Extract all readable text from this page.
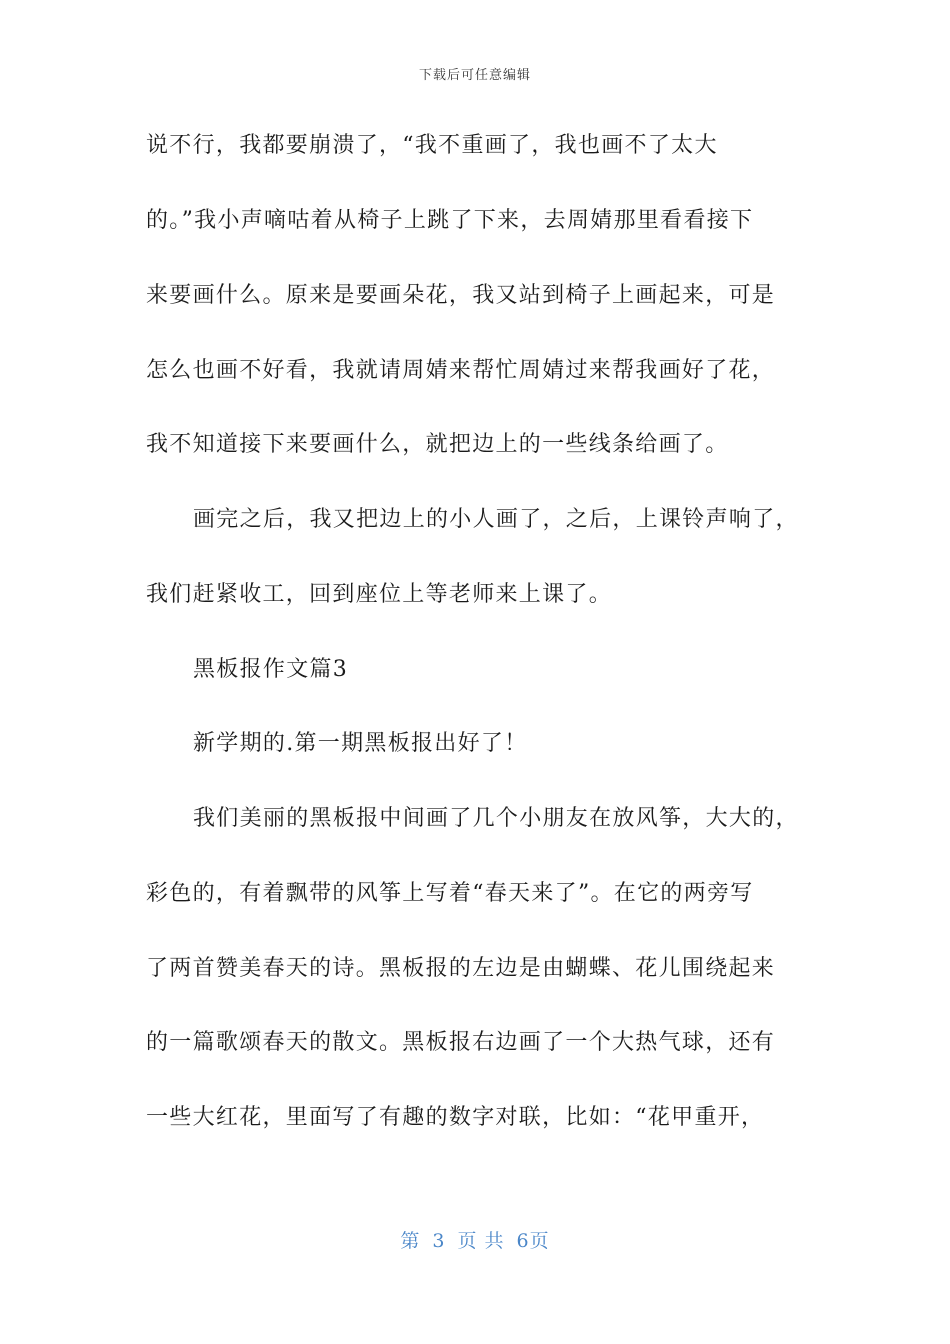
下载后可任意编辑
说不行，我都要崩溃了，“我不重画了，我也画不了太大
的。”我小声嘀咕着从椅子上跳了下来，去周婧那里看看接下
来要画什么。原来是要画朵花，我又站到椅子上画起来，可是
怎么也画不好看，我就请周婧来帮忙周婧过来帮我画好了花，
我不知道接下来要画什么，就把边上的一些线条给画了。
画完之后，我又把边上的小人画了，之后，上课铃声响了，
我们赶紧收工，回到座位上等老师来上课了。
黑板报作文篇3
新学期的.第一期黑板报出好了！
我们美丽的黑板报中间画了几个小朋友在放风筝，大大的，
彩色的，有着飘带的风筝上写着“春天来了”。在它的两旁写
了两首赞美春天的诗。黑板报的左边是由蝴蝶、花儿围绕起来
的一篇歌颂春天的散文。黑板报右边画了一个大热气球，还有
一些大红花，里面写了有趣的数字对联，比如：“花甲重开，
第 3 页 共 6页
